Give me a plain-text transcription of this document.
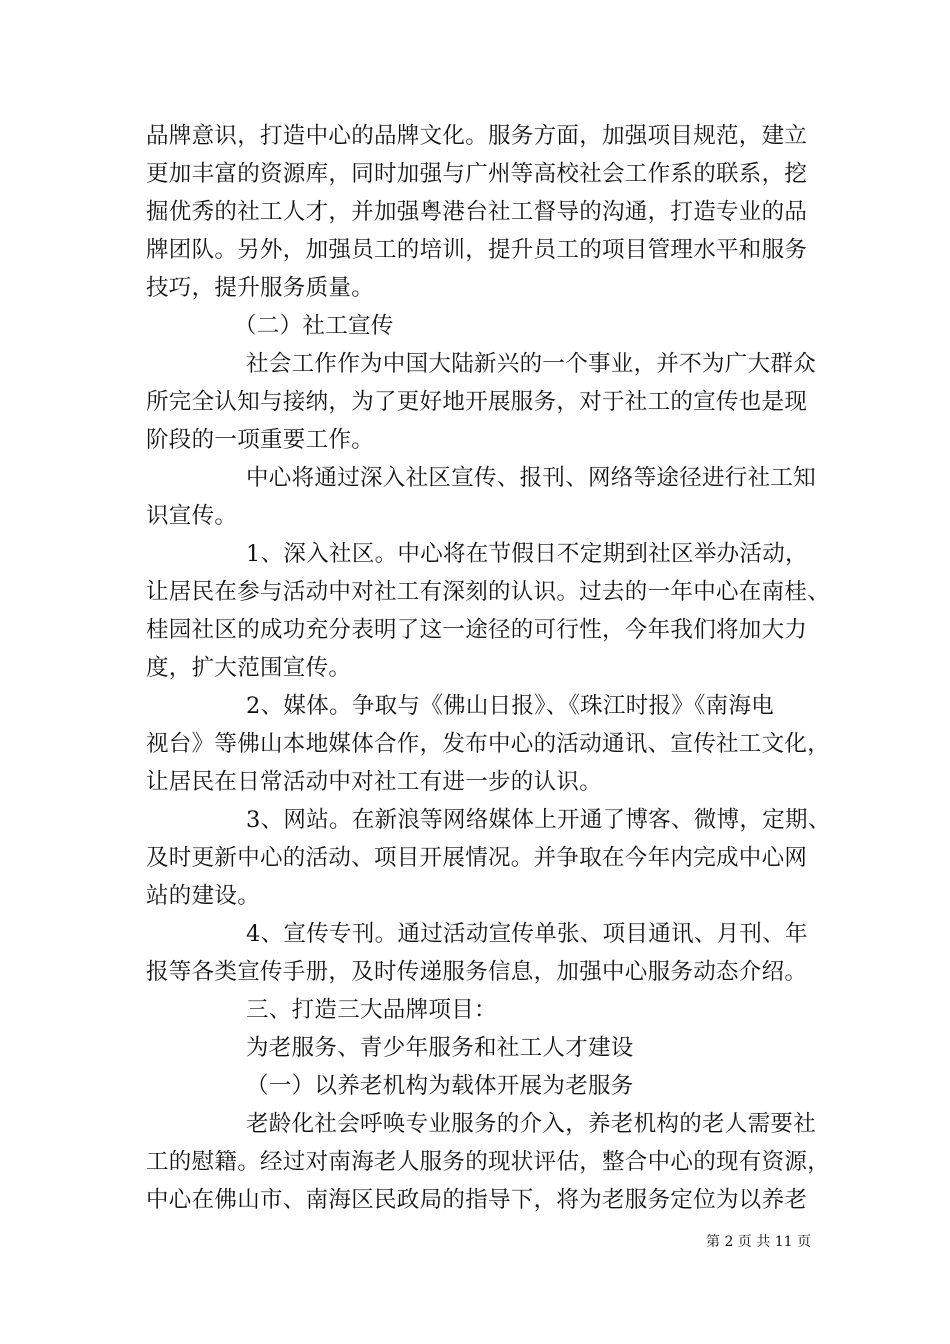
品牌意识，打造中心的品牌文化。服务方面，加强项目规范，建立
更加丰富的资源库，同时加强与广州等高校社会工作系的联系，挖
掘优秀的社工人才，并加强粤港台社工督导的沟通，打造专业的品
牌团队。另外，加强员工的培训，提升员工的项目管理水平和服务
技巧，提升服务质量。
（二）社工宣传
社会工作作为中国大陆新兴的一个事业，并不为广大群众
所完全认知与接纳，为了更好地开展服务，对于社工的宣传也是现
阶段的一项重要工作。
中心将通过深入社区宣传、报刊、网络等途径进行社工知
识宣传。
1、深入社区。中心将在节假日不定期到社区举办活动，
让居民在参与活动中对社工有深刻的认识。过去的一年中心在南桂、
桂园社区的成功充分表明了这一途径的可行性，今年我们将加大力
度，扩大范围宣传。
2、媒体。争取与《佛山日报》、《珠江时报》《南海电
视台》等佛山本地媒体合作，发布中心的活动通讯、宣传社工文化，
让居民在日常活动中对社工有进一步的认识。
3、网站。在新浪等网络媒体上开通了博客、微博，定期、
及时更新中心的活动、项目开展情况。并争取在今年内完成中心网
站的建设。
4、宣传专刊。通过活动宣传单张、项目通讯、月刊、年
报等各类宣传手册，及时传递服务信息，加强中心服务动态介绍。
三、打造三大品牌项目：
为老服务、青少年服务和社工人才建设
（一）以养老机构为载体开展为老服务
老龄化社会呼唤专业服务的介入，养老机构的老人需要社
工的慰籍。经过对南海老人服务的现状评估，整合中心的现有资源，
中心在佛山市、南海区民政局的指导下，将为老服务定位为以养老
第 2 页 共 11 页
